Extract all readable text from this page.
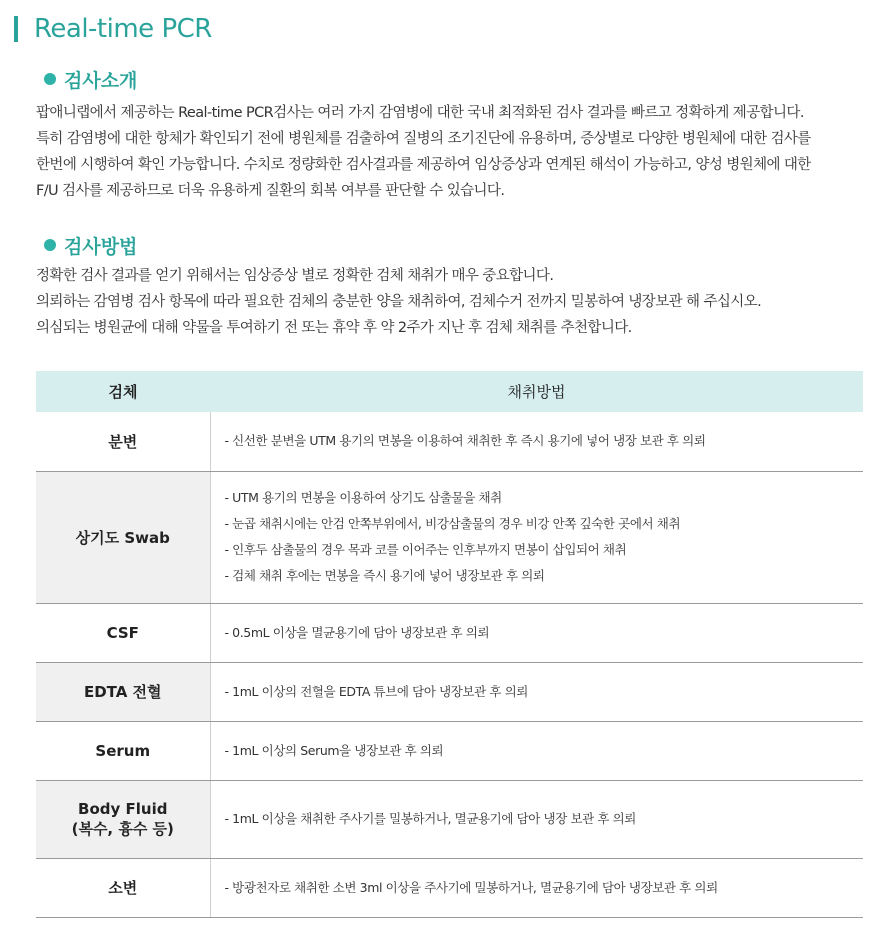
Real-time PCR
검사소개
팝애니랩에서 제공하는 Real-time PCR검사는 여러 가지 감염병에 대한 국내 최적화된 검사 결과를 빠르고 정확하게 제공합니다.
특히 감염병에 대한 항체가 확인되기 전에 병원체를 검출하여 질병의 조기진단에 유용하며, 증상별로 다양한 병원체에 대한 검사를
한번에 시행하여 확인 가능합니다. 수치로 정량화한 검사결과를 제공하여 임상증상과 연계된 해석이 가능하고, 양성 병원체에 대한
F/U 검사를 제공하므로 더욱 유용하게 질환의 회복 여부를 판단할 수 있습니다.
검사방법
정확한 검사 결과를 얻기 위해서는 임상증상 별로 정확한 검체 채취가 매우 중요합니다.
의뢰하는 감염병 검사 항목에 따라 필요한 검체의 충분한 양을 채취하여, 검체수거 전까지 밀봉하여 냉장보관 해 주십시오.
의심되는 병원균에 대해 약물을 투여하기 전 또는 휴약 후 약 2주가 지난 후 검체 채취를 추천합니다.
검체	채취방법

분변	- 신선한 분변을 UTM 용기의 면봉을 이용하여 채취한 후 즉시 용기에 넣어 냉장 보관 후 의뢰

상기도 Swab	- UTM 용기의 면봉을 이용하여 상기도 삼출물을 채취
- 눈곱 채취시에는 안검 안쪽부위에서, 비강삼출물의 경우 비강 안쪽 깊숙한 곳에서 채취
- 인후두 삼출물의 경우 목과 코를 이어주는 인후부까지 면봉이 삽입되어 채취
- 검체 채취 후에는 면봉을 즉시 용기에 넣어 냉장보관 후 의뢰

CSF	- 0.5mL 이상을 멸균용기에 담아 냉장보관 후 의뢰

EDTA 전혈	- 1mL 이상의 전혈을 EDTA 튜브에 담아 냉장보관 후 의뢰

Serum	- 1mL 이상의 Serum을 냉장보관 후 의뢰

Body Fluid
(복수, 흉수 등)	- 1mL 이상을 채취한 주사기를 밀봉하거나, 멸균용기에 담아 냉장 보관 후 의뢰

소변	- 방광천자로 채취한 소변 3ml 이상을 주사기에 밀봉하거나, 멸균용기에 담아 냉장보관 후 의뢰
